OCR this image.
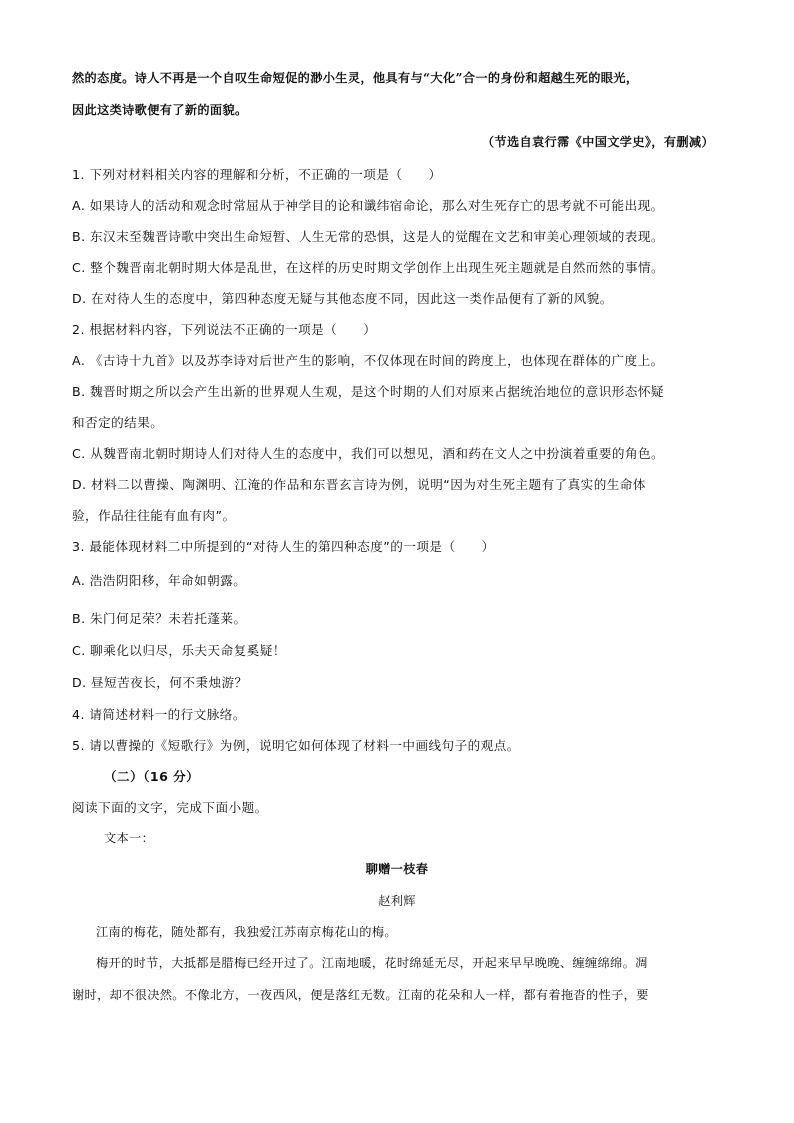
然的态度。诗人不再是一个自叹生命短促的渺小生灵，他具有与“大化”合一的身份和超越生死的眼光，
因此这类诗歌便有了新的面貌。
（节选自袁行霈《中国文学史》，有删减）
1. 下列对材料相关内容的理解和分析，不正确的一项是（　　）
A. 如果诗人的活动和观念时常屈从于神学目的论和谶纬宿命论，那么对生死存亡的思考就不可能出现。
B. 东汉末至魏晋诗歌中突出生命短暂、人生无常的恐惧，这是人的觉醒在文艺和审美心理领域的表现。
C. 整个魏晋南北朝时期大体是乱世，在这样的历史时期文学创作上出现生死主题就是自然而然的事情。
D. 在对待人生的态度中，第四种态度无疑与其他态度不同，因此这一类作品便有了新的风貌。
2. 根据材料内容，下列说法不正确的一项是（　　）
A. 《古诗十九首》以及苏李诗对后世产生的影响，不仅体现在时间的跨度上，也体现在群体的广度上。
B. 魏晋时期之所以会产生出新的世界观人生观，是这个时期的人们对原来占据统治地位的意识形态怀疑
和否定的结果。
C. 从魏晋南北朝时期诗人们对待人生的态度中，我们可以想见，酒和药在文人之中扮演着重要的角色。
D. 材料二以曹操、陶渊明、江淹的作品和东晋玄言诗为例，说明“因为对生死主题有了真实的生命体
验，作品往往能有血有肉”。
3. 最能体现材料二中所提到的“对待人生的第四种态度”的一项是（　　）
A. 浩浩阴阳移，年命如朝露。
B. 朱门何足荣？未若托蓬莱。
C. 聊乘化以归尽，乐夫天命复奚疑！
D. 昼短苦夜长，何不秉烛游？
4. 请简述材料一的行文脉络。
5. 请以曹操的《短歌行》为例，说明它如何体现了材料一中画线句子的观点。
（二）（16 分）
阅读下面的文字，完成下面小题。
文本一：
聊赠一枝春
赵利辉
江南的梅花，随处都有，我独爱江苏南京梅花山的梅。
梅开的时节，大抵都是腊梅已经开过了。江南地暖，花时绵延无尽，开起来早早晚晚、缠缠绵绵。凋
谢时，却不很决然。不像北方，一夜西风，便是落红无数。江南的花朵和人一样，都有着拖沓的性子，要
